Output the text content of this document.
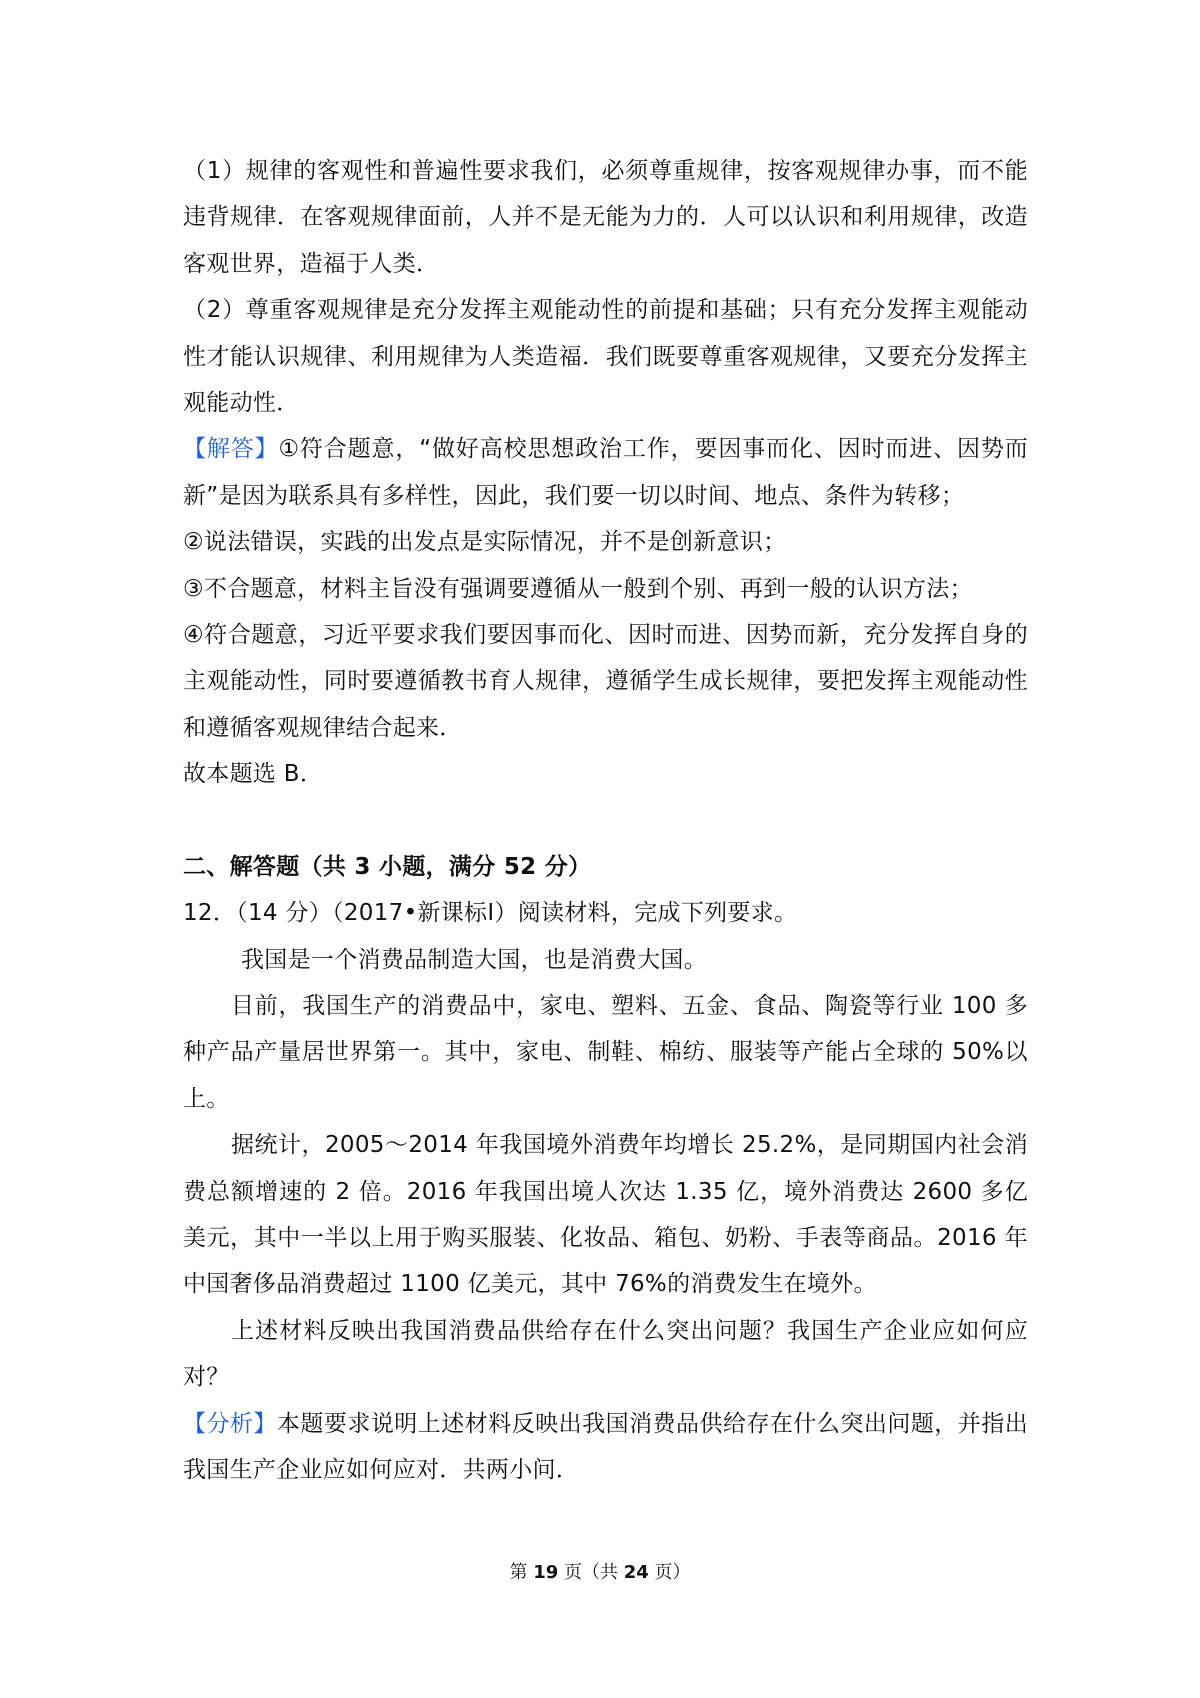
（1）规律的客观性和普遍性要求我们，必须尊重规律，按客观规律办事，而不能违背规律．在客观规律面前，人并不是无能为力的．人可以认识和利用规律，改造客观世界，造福于人类．

（2）尊重客观规律是充分发挥主观能动性的前提和基础；只有充分发挥主观能动性才能认识规律、利用规律为人类造福．我们既要尊重客观规律，又要充分发挥主观能动性．

【解答】①符合题意，“做好高校思想政治工作，要因事而化、因时而进、因势而新”是因为联系具有多样性，因此，我们要一切以时间、地点、条件为转移；

②说法错误，实践的出发点是实际情况，并不是创新意识；

③不合题意，材料主旨没有强调要遵循从一般到个别、再到一般的认识方法；

④符合题意，习近平要求我们要因事而化、因时而进、因势而新，充分发挥自身的主观能动性，同时要遵循教书育人规律，遵循学生成长规律，要把发挥主观能动性和遵循客观规律结合起来．

故本题选 B．

二、解答题（共 3 小题，满分 52 分）

12．（14 分）（2017•新课标Ⅰ）阅读材料，完成下列要求。

我国是一个消费品制造大国，也是消费大国。

目前，我国生产的消费品中，家电、塑料、五金、食品、陶瓷等行业 100 多种产品产量居世界第一。其中，家电、制鞋、棉纺、服装等产能占全球的 50%以上。

据统计，2005～2014 年我国境外消费年均增长 25.2%，是同期国内社会消费总额增速的 2 倍。2016 年我国出境人次达 1.35 亿，境外消费达 2600 多亿美元，其中一半以上用于购买服装、化妆品、箱包、奶粉、手表等商品。2016 年中国奢侈品消费超过 1100 亿美元，其中 76%的消费发生在境外。

上述材料反映出我国消费品供给存在什么突出问题？我国生产企业应如何应对？

【分析】本题要求说明上述材料反映出我国消费品供给存在什么突出问题，并指出我国生产企业应如何应对．共两小问．

第 19 页（共 24 页）
